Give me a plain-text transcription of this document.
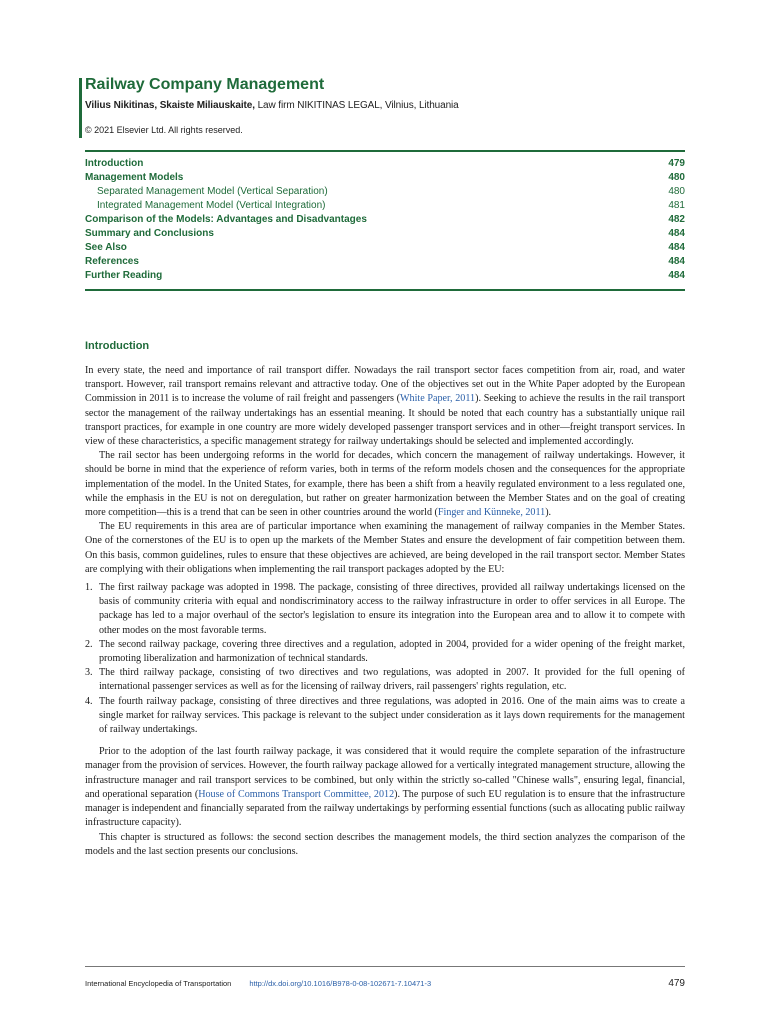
Railway Company Management
Vilius Nikitinas, Skaiste Miliauskaite, Law firm NIKITINAS LEGAL, Vilnius, Lithuania
© 2021 Elsevier Ltd. All rights reserved.
Introduction	479
Management Models	480
Separated Management Model (Vertical Separation)	480
Integrated Management Model (Vertical Integration)	481
Comparison of the Models: Advantages and Disadvantages	482
Summary and Conclusions	484
See Also	484
References	484
Further Reading	484
Introduction

In every state, the need and importance of rail transport differ. Nowadays the rail transport sector faces competition from air, road, and water transport. However, rail transport remains relevant and attractive today. One of the objectives set out in the White Paper adopted by the European Commission in 2011 is to increase the volume of rail freight and passengers (White Paper, 2011). Seeking to achieve the results in the rail transport sector the management of the railway undertakings has an essential meaning. It should be noted that each country has a substantially unique rail transport practices, for example in one country are more widely developed passenger transport services and in other—freight transport services. In view of these characteristics, a specific management strategy for railway undertakings should be selected and implemented accordingly.

The rail sector has been undergoing reforms in the world for decades, which concern the management of railway undertakings. However, it should be borne in mind that the experience of reform varies, both in terms of the reform models chosen and the consequences for the appropriate implementation of the model. In the United States, for example, there has been a shift from a heavily regulated environment to a less regulated one, while the emphasis in the EU is not on deregulation, but rather on greater harmonization between the Member States and on the goal of creating more competition—this is a trend that can be seen in other countries around the world (Finger and Künneke, 2011).

The EU requirements in this area are of particular importance when examining the management of railway companies in the Member States. One of the cornerstones of the EU is to open up the markets of the Member States and ensure the development of fair competition between them. On this basis, common guidelines, rules to ensure that these objectives are achieved, are being developed in the rail transport sector. Member States are complying with their obligations when implementing the rail transport packages adopted by the EU:

1. The first railway package was adopted in 1998. The package, consisting of three directives, provided all railway undertakings licensed on the basis of community criteria with equal and nondiscriminatory access to the railway infrastructure in order to offer services in all Europe. The package has led to a major overhaul of the sector's legislation to ensure its integration into the European area and to allow it to compete with other modes on the most favorable terms.
2. The second railway package, covering three directives and a regulation, adopted in 2004, provided for a wider opening of the freight market, promoting liberalization and harmonization of technical standards.
3. The third railway package, consisting of two directives and two regulations, was adopted in 2007. It provided for the full opening of international passenger services as well as for the licensing of railway drivers, rail passengers' rights regulation, etc.
4. The fourth railway package, consisting of three directives and three regulations, was adopted in 2016. One of the main aims was to create a single market for railway services. This package is relevant to the subject under consideration as it lays down requirements for the management of railway undertakings.

Prior to the adoption of the last fourth railway package, it was considered that it would require the complete separation of the infrastructure manager from the provision of services. However, the fourth railway package allowed for a vertically integrated management structure, allowing the infrastructure manager and rail transport services to be combined, but only within the strictly so-called "Chinese walls", ensuring legal, financial, and operational separation (House of Commons Transport Committee, 2012). The purpose of such EU regulation is to ensure that the infrastructure manager is independent and financially separated from the railway undertakings by performing essential functions (such as allocating public railway infrastructure capacity).

This chapter is structured as follows: the second section describes the management models, the third section analyzes the comparison of the models and the last section presents our conclusions.

International Encyclopedia of Transportation http://dx.doi.org/10.1016/B978-0-08-102671-7.10471-3	479
